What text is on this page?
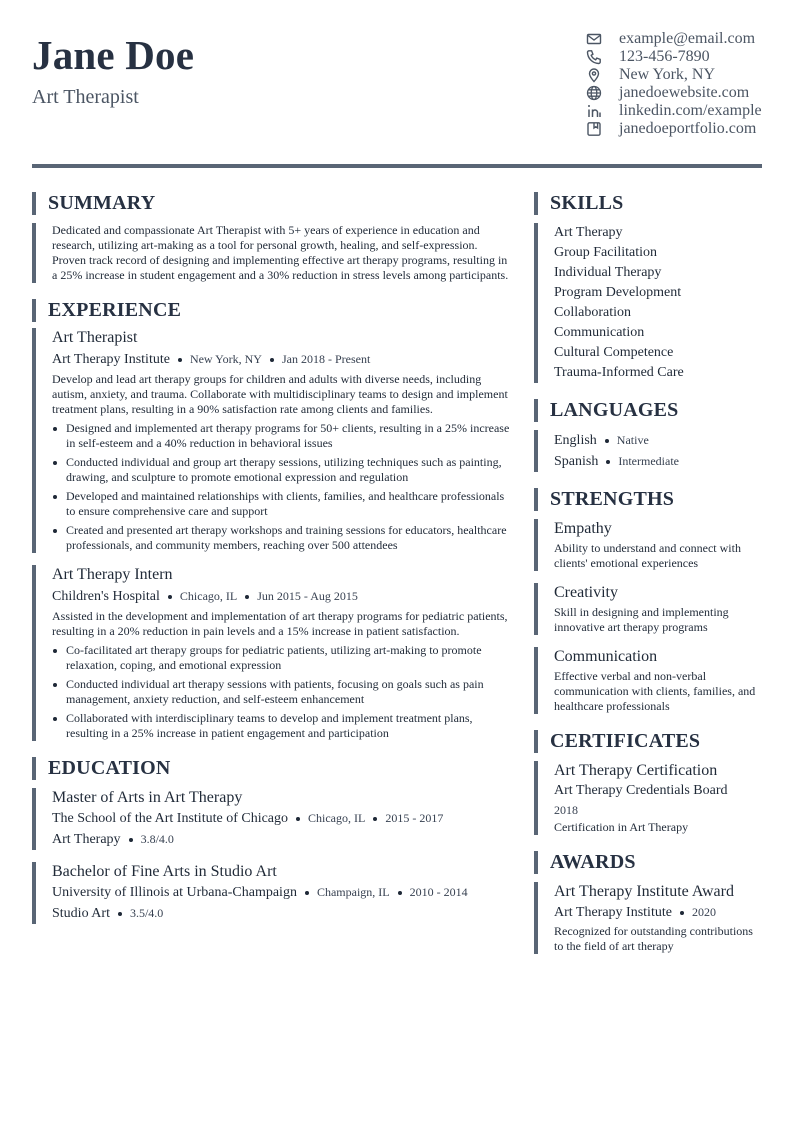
Jane Doe
Art Therapist
example@email.com
123-456-7890
New York, NY
janedoewebsite.com
linkedin.com/example
janedoeportfolio.com
SUMMARY
Dedicated and compassionate Art Therapist with 5+ years of experience in education and research, utilizing art-making as a tool for personal growth, healing, and self-expression. Proven track record of designing and implementing effective art therapy programs, resulting in a 25% increase in student engagement and a 30% reduction in stress levels among participants.
EXPERIENCE
Art Therapist
Art Therapy Institute New York, NY Jan 2018 - Present
Develop and lead art therapy groups for children and adults with diverse needs, including autism, anxiety, and trauma. Collaborate with multidisciplinary teams to design and implement treatment plans, resulting in a 90% satisfaction rate among clients and families.
Designed and implemented art therapy programs for 50+ clients, resulting in a 25% increase in self-esteem and a 40% reduction in behavioral issues
Conducted individual and group art therapy sessions, utilizing techniques such as painting, drawing, and sculpture to promote emotional expression and regulation
Developed and maintained relationships with clients, families, and healthcare professionals to ensure comprehensive care and support
Created and presented art therapy workshops and training sessions for educators, healthcare professionals, and community members, reaching over 500 attendees
Art Therapy Intern
Children's Hospital Chicago, IL Jun 2015 - Aug 2015
Assisted in the development and implementation of art therapy programs for pediatric patients, resulting in a 20% reduction in pain levels and a 15% increase in patient satisfaction.
Co-facilitated art therapy groups for pediatric patients, utilizing art-making to promote relaxation, coping, and emotional expression
Conducted individual art therapy sessions with patients, focusing on goals such as pain management, anxiety reduction, and self-esteem enhancement
Collaborated with interdisciplinary teams to develop and implement treatment plans, resulting in a 25% increase in patient engagement and participation
EDUCATION
Master of Arts in Art Therapy
The School of the Art Institute of Chicago Chicago, IL 2015 - 2017
Art Therapy 3.8/4.0
Bachelor of Fine Arts in Studio Art
University of Illinois at Urbana-Champaign Champaign, IL 2010 - 2014
Studio Art 3.5/4.0
SKILLS
Art Therapy
Group Facilitation
Individual Therapy
Program Development
Collaboration
Communication
Cultural Competence
Trauma-Informed Care
LANGUAGES
English Native
Spanish Intermediate
STRENGTHS
Empathy
Ability to understand and connect with clients' emotional experiences
Creativity
Skill in designing and implementing innovative art therapy programs
Communication
Effective verbal and non-verbal communication with clients, families, and healthcare professionals
CERTIFICATES
Art Therapy Certification
Art Therapy Credentials Board
2018
Certification in Art Therapy
AWARDS
Art Therapy Institute Award
Art Therapy Institute 2020
Recognized for outstanding contributions to the field of art therapy
